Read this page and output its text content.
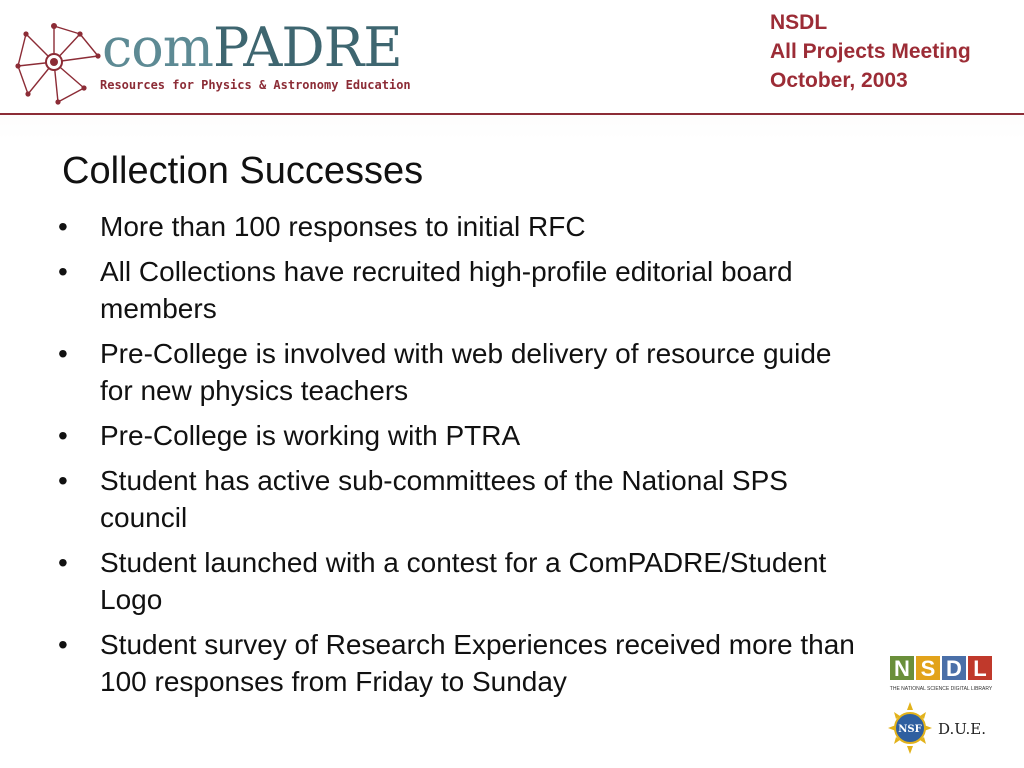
comPADRE
Resources for Physics & Astronomy Education
NSDL
All Projects Meeting
October, 2003
Collection Successes
•	More than 100 responses to initial RFC
•	All Collections have recruited high-profile editorial board members
•	Pre-College is involved with web delivery of resource guide for new physics teachers
•	Pre-College is working with PTRA
•	Student has active sub-committees of the National SPS council
•	Student launched with a contest for a ComPADRE/Student Logo
•	Student survey of Research Experiences received more than 100 responses from Friday to Sunday	N S D L
THE NATIONAL SCIENCE DIGITAL LIBRARY
NSF D.U.E.
